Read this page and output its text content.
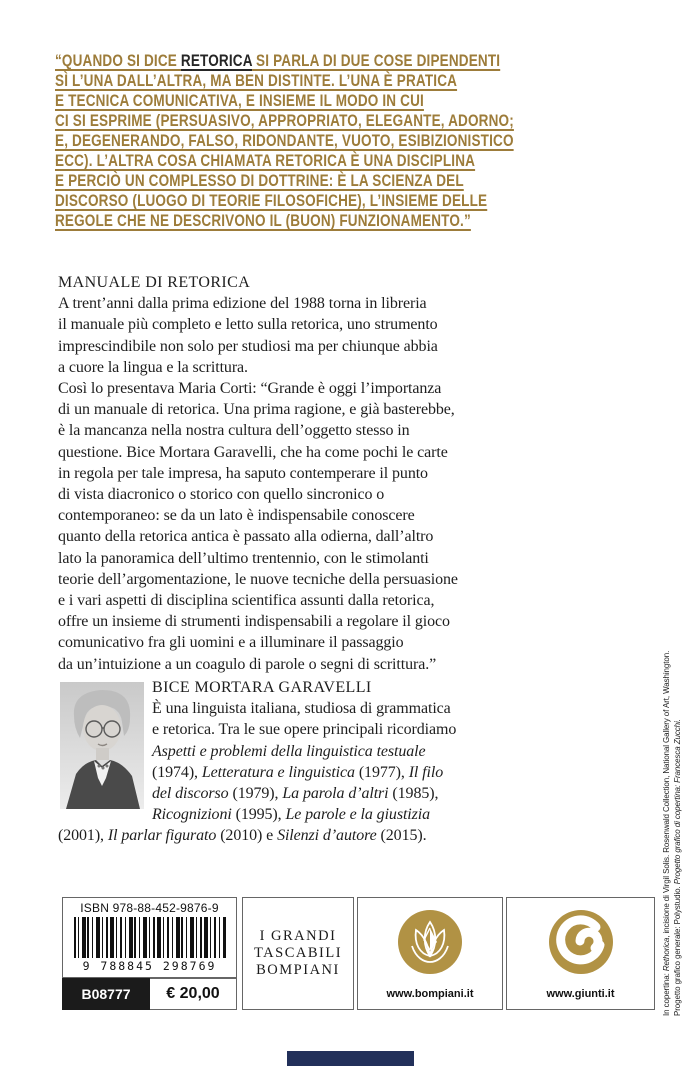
“QUANDO SI DICE RETORICA SI PARLA DI DUE COSE DIPENDENTI
SÌ L’UNA DALL’ALTRA, MA BEN DISTINTE. L’UNA È PRATICA
E TECNICA COMUNICATIVA, E INSIEME IL MODO IN CUI
CI SI ESPRIME (PERSUASIVO, APPROPRIATO, ELEGANTE, ADORNO;
E, DEGENERANDO, FALSO, RIDONDANTE, VUOTO, ESIBIZIONISTICO
ECC). L’ALTRA COSA CHIAMATA RETORICA È UNA DISCIPLINA
E PERCIÒ UN COMPLESSO DI DOTTRINE: È LA SCIENZA DEL
DISCORSO (LUOGO DI TEORIE FILOSOFICHE), L’INSIEME DELLE
REGOLE CHE NE DESCRIVONO IL (BUON) FUNZIONAMENTO.”
MANUALE DI RETORICA
A trent’anni dalla prima edizione del 1988 torna in libreria
il manuale più completo e letto sulla retorica, uno strumento
imprescindibile non solo per studiosi ma per chiunque abbia
a cuore la lingua e la scrittura.
Così lo presentava Maria Corti: “Grande è oggi l’importanza
di un manuale di retorica. Una prima ragione, e già basterebbe,
è la mancanza nella nostra cultura dell’oggetto stesso in
questione. Bice Mortara Garavelli, che ha come pochi le carte
in regola per tale impresa, ha saputo contemperare il punto
di vista diacronico o storico con quello sincronico o
contemporaneo: se da un lato è indispensabile conoscere
quanto della retorica antica è passato alla odierna, dall’altro
lato la panoramica dell’ultimo trentennio, con le stimolanti
teorie dell’argomentazione, le nuove tecniche della persuasione
e i vari aspetti di disciplina scientifica assunti dalla retorica,
offre un insieme di strumenti indispensabili a regolare il gioco
comunicativo fra gli uomini e a illuminare il passaggio
da un’intuizione a un coagulo di parole o segni di scrittura.”
BICE MORTARA GARAVELLI
È una linguista italiana, studiosa di grammatica
e retorica. Tra le sue opere principali ricordiamo
Aspetti e problemi della linguistica testuale
(1974), Letteratura e linguistica (1977), Il filo
del discorso (1979), La parola d’altri (1985),
Ricognizioni (1995), Le parole e la giustizia
(2001), Il parlar figurato (2010) e Silenzi d’autore (2015).
ISBN 978-88-452-9876-9
9 788845 298769
B08777	€ 20,00
I GRANDI
TASCABILI
BOMPIANI
www.bompiani.it	www.giunti.it	In copertina: Rethorica, incisione di Virgil Solis. Rosenwald Collection, National Gallery of Art, Washington.
Progetto grafico generale: Polystudio. Progetto grafico di copertina: Francesca Zucchi.
